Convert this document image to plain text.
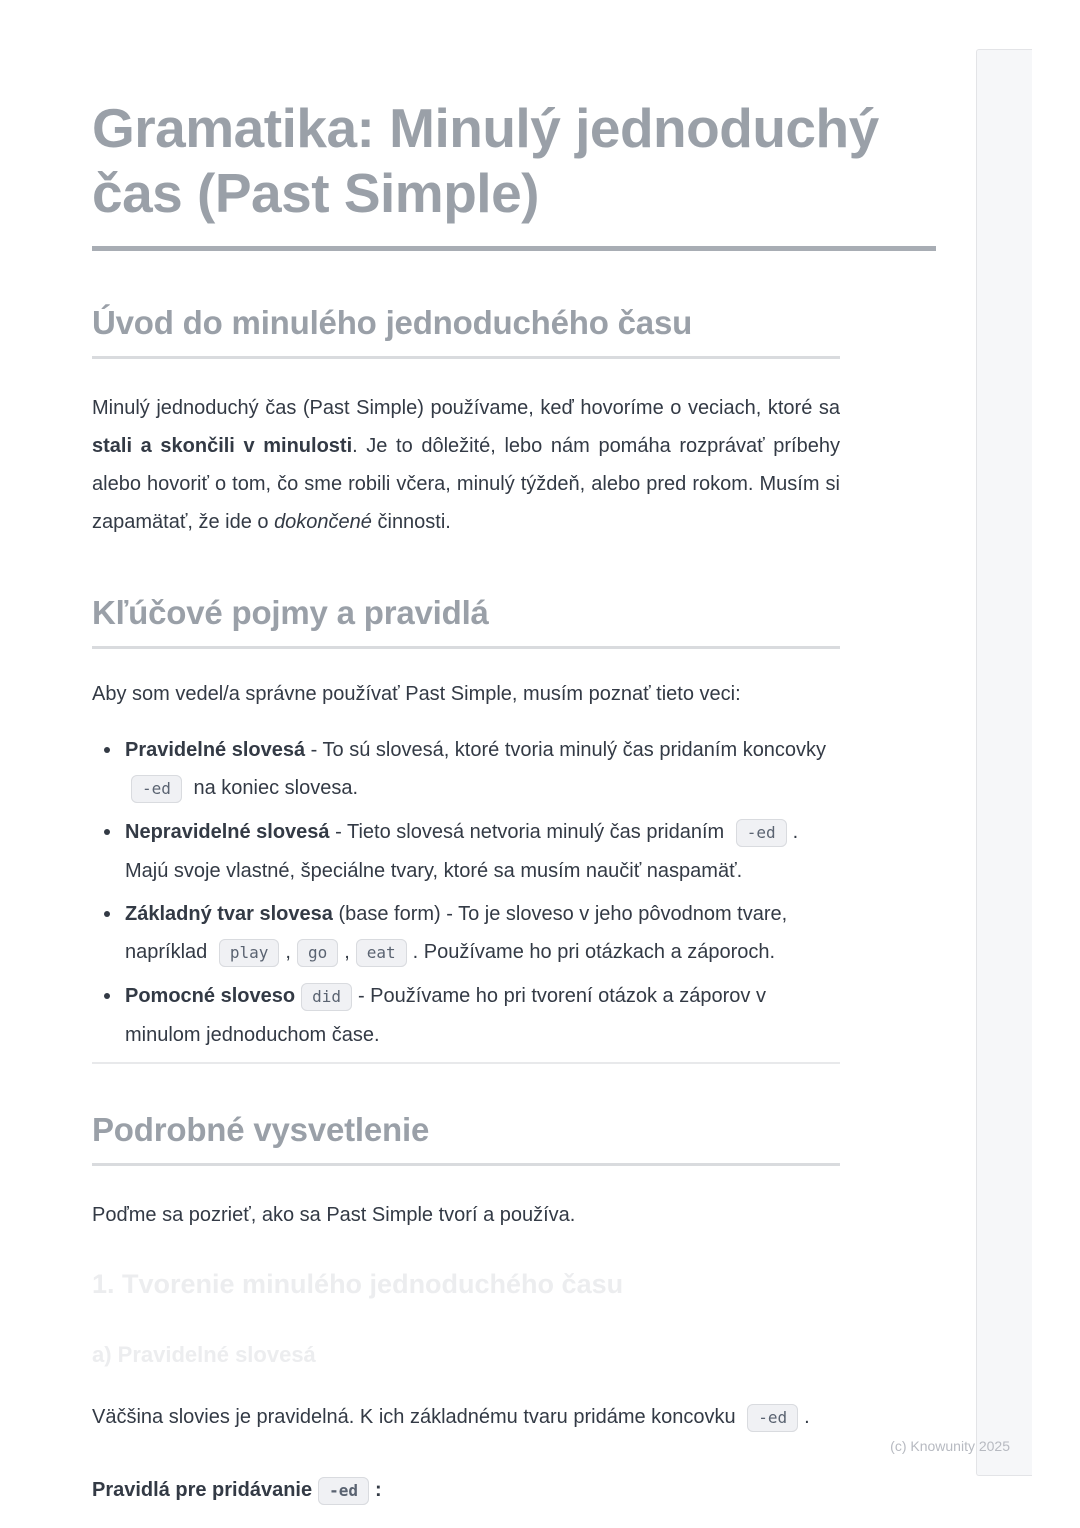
Gramatika: Minulý jednoduchý čas (Past Simple)
Úvod do minulého jednoduchého času

Minulý jednoduchý čas (Past Simple) používame, keď hovoríme o veciach, ktoré sa stali a skončili v minulosti. Je to dôležité, lebo nám pomáha rozprávať príbehy alebo hovoriť o tom, čo sme robili včera, minulý týždeň, alebo pred rokom. Musím si zapamätať, že ide o dokončené činnosti.

Kľúčové pojmy a pravidlá

Aby som vedel/a správne používať Past Simple, musím poznať tieto veci:

Pravidelné slovesá - To sú slovesá, ktoré tvoria minulý čas pridaním koncovky -ed na koniec slovesa.
Nepravidelné slovesá - Tieto slovesá netvoria minulý čas pridaním -ed . Majú svoje vlastné, špeciálne tvary, ktoré sa musím naučiť naspamäť.
Základný tvar slovesa (base form) - To je sloveso v jeho pôvodnom tvare, napríklad play , go , eat . Používame ho pri otázkach a záporoch.
Pomocné sloveso did - Používame ho pri tvorení otázok a záporov v minulom jednoduchom čase.
Podrobné vysvetlenie

Poďme sa pozrieť, ako sa Past Simple tvorí a používa.

1. Tvorenie minulého jednoduchého času
a) Pravidelné slovesá

Väčšina slovies je pravidelná. K ich základnému tvaru pridáme koncovku -ed .

Pravidlá pre pridávanie -ed :

(c) Knowunity 2025
